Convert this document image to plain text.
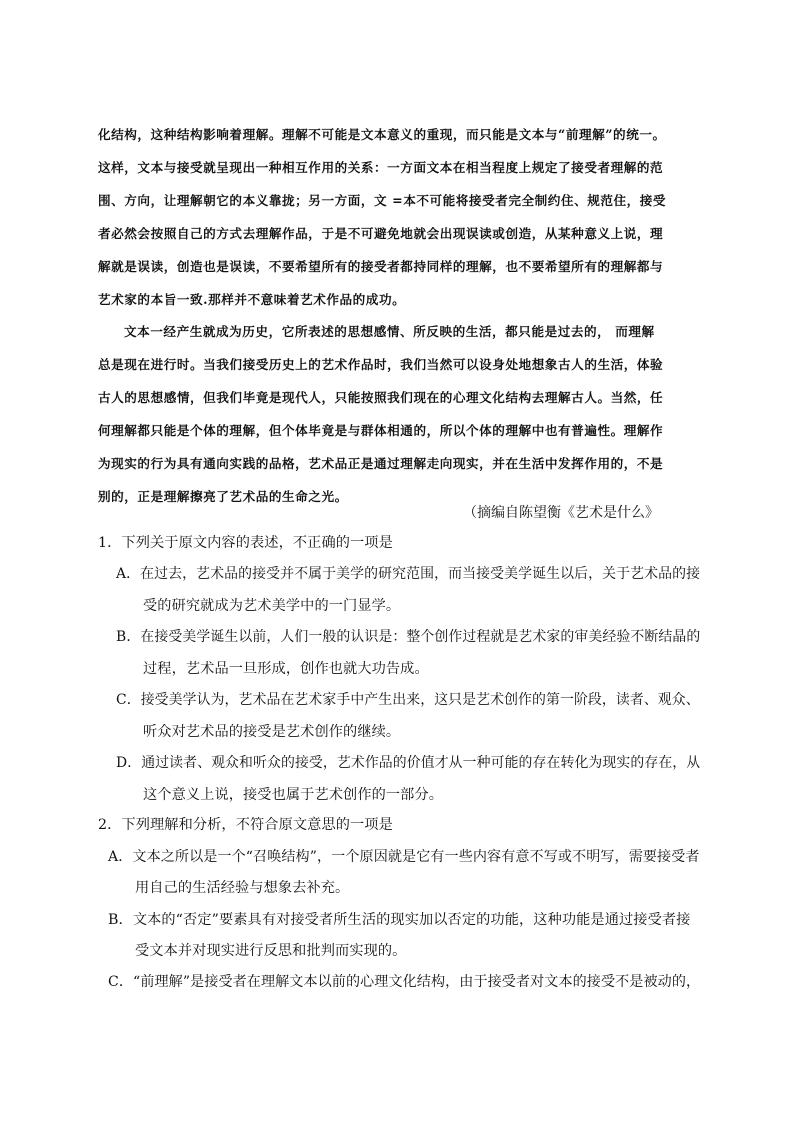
化结构，这种结构影响着理解。理解不可能是文本意义的重现，而只能是文本与“前理解”的统一。
这样，文本与接受就呈现出一种相互作用的关系：一方面文本在相当程度上规定了接受者理解的范
围、方向，让理解朝它的本义靠拢；另一方面，文 =本不可能将接受者完全制约住、规范住，接受
者必然会按照自己的方式去理解作品，于是不可避免地就会出现误读或创造，从某种意义上说，理
解就是误读，创造也是误读，不要希望所有的接受者都持同样的理解，也不要希望所有的理解都与
艺术家的本旨一致.那样并不意味着艺术作品的成功。
文本一经产生就成为历史，它所表述的思想感情、所反映的生活，都只能是过去的， 而理解
总是现在进行时。当我们接受历史上的艺术作品时，我们当然可以设身处地想象古人的生活，体验
古人的思想感情，但我们毕竟是现代人，只能按照我们现在的心理文化结构去理解古人。当然，任
何理解都只能是个体的理解，但个体毕竟是与群体相通的，所以个体的理解中也有普遍性。理解作
为现实的行为具有通向实践的品格，艺术品正是通过理解走向现实，并在生活中发挥作用的，不是
别的，正是理解擦亮了艺术品的生命之光。
（摘编自陈望衡《艺术是什么》
1．下列关于原文内容的表述，不正确的一项是
A．在过去，艺术品的接受并不属于美学的研究范围，而当接受美学诞生以后，关于艺术品的接
受的研究就成为艺术美学中的一门显学。
B．在接受美学诞生以前，人们一般的认识是：整个创作过程就是艺术家的审美经验不断结晶的
过程，艺术品一旦形成，创作也就大功告成。
C．接受美学认为，艺术品在艺术家手中产生出来，这只是艺术创作的第一阶段，读者、观众、
听众对艺术品的接受是艺术创作的继续。
D．通过读者、观众和听众的接受，艺术作品的价值才从一种可能的存在转化为现实的存在，从
这个意义上说，接受也属于艺术创作的一部分。
2．下列理解和分析，不符合原文意思的一项是
A．文本之所以是一个“召唤结构”，一个原因就是它有一些内容有意不写或不明写，需要接受者
用自己的生活经验与想象去补充。
B．文本的“否定”要素具有对接受者所生活的现实加以否定的功能，这种功能是通过接受者接
受文本并对现实进行反思和批判而实现的。
C．“前理解”是接受者在理解文本以前的心理文化结构，由于接受者对文本的接受不是被动的，
